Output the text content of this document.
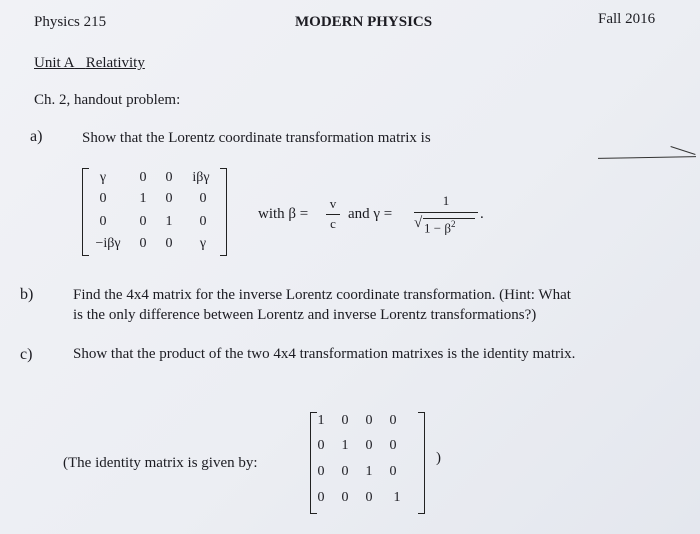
Physics 215	MODERN PHYSICS	Fall 2016
Unit A Relativity
Ch. 2, handout problem:
a)	Show that the Lorentz coordinate transformation matrix is
γ	0	0	iβγ
0	1	0	0
0	0	1	0
−iβγ	0	0	γ
with β =
v
c
and γ =
1
√ $1 - \beta^2$
.
b)	Find the 4x4 matrix for the inverse Lorentz coordinate transformation. (Hint: What
is the only difference between Lorentz and inverse Lorentz transformations?)
c)	Show that the product of the two 4x4 transformation matrixes is the identity matrix.
(The identity matrix is given by:
1	0	0	0
0	1	0	0
0	0	1	0
0	0	0	1
)
